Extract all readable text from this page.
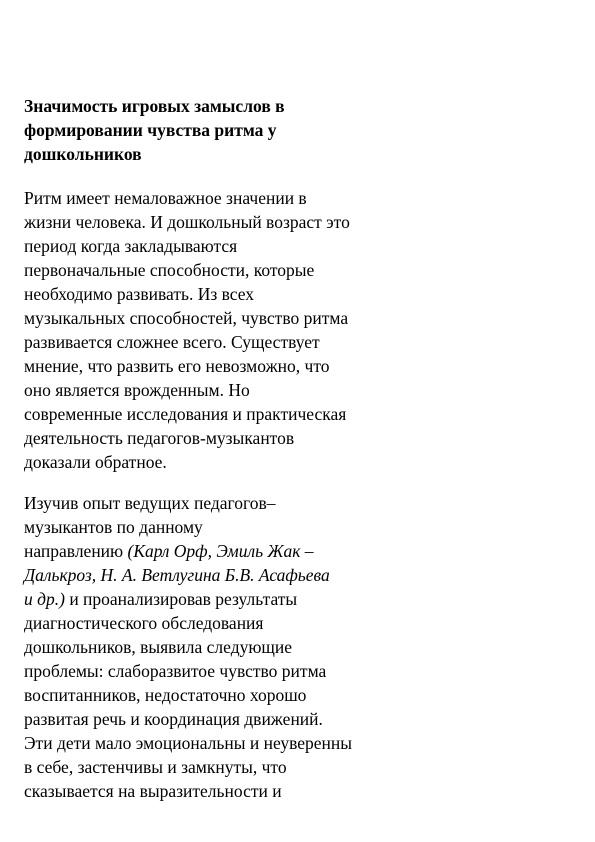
Значимость игровых замыслов в
формировании чувства ритма у
дошкольников
Ритм имеет немаловажное значении в
жизни человека. И дошкольный возраст это
период когда закладываются
первоначальные способности, которые
необходимо развивать. Из всех
музыкальных способностей, чувство ритма
развивается сложнее всего. Существует
мнение, что развить его невозможно, что
оно является врожденным. Но
современные исследования и практическая
деятельность педагогов-музыкантов
доказали обратное.
Изучив опыт ведущих педагогов–
музыкантов по данному
направлению (Карл Орф, Эмиль Жак –
Далькроз, Н. А. Ветлугина Б.В. Асафьева
и др.) и проанализировав результаты
диагностического обследования
дошкольников, выявила следующие
проблемы: слаборазвитое чувство ритма
воспитанников, недостаточно хорошо
развитая речь и координация движений.
Эти дети мало эмоциональны и неуверенны
в себе, застенчивы и замкнуты, что
сказывается на выразительности и
